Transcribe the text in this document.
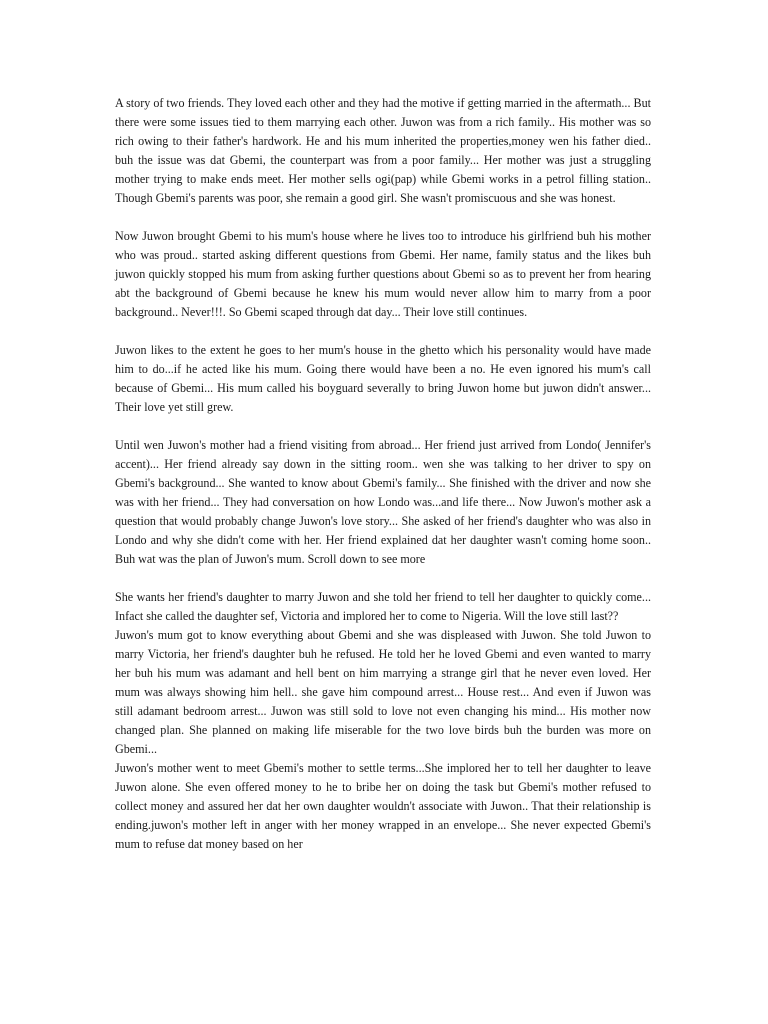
A story of two friends. They loved each other and they had the motive if getting married in the aftermath... But there were some issues tied to them marrying each other. Juwon was from a rich family.. His mother was so rich owing to their father's hardwork. He and his mum inherited the properties,money wen his father died.. buh the issue was dat Gbemi, the counterpart was from a poor family... Her mother was just a struggling mother trying to make ends meet. Her mother sells ogi(pap) while Gbemi works in a petrol filling station.. Though Gbemi's parents was poor, she remain a good girl. She wasn't promiscuous and she was honest.

Now Juwon brought Gbemi to his mum's house where he lives too to introduce his girlfriend buh his mother who was proud.. started asking different questions from Gbemi. Her name, family status and the likes buh juwon quickly stopped his mum from asking further questions about Gbemi so as to prevent her from hearing abt the background of Gbemi because he knew his mum would never allow him to marry from a poor background.. Never!!!. So Gbemi scaped through dat day... Their love still continues.

Juwon likes to the extent he goes to her mum's house in the ghetto which his personality would have made him to do...if he acted like his mum. Going there would have been a no. He even ignored his mum's call because of Gbemi... His mum called his boyguard severally to bring Juwon home but juwon didn't answer... Their love yet still grew.

Until wen Juwon's mother had a friend visiting from abroad... Her friend just arrived from Londo( Jennifer's accent)... Her friend already say down in the sitting room.. wen she was talking to her driver to spy on Gbemi's background... She wanted to know about Gbemi's family... She finished with the driver and now she was with her friend... They had conversation on how Londo was...and life there... Now Juwon's mother ask a question that would probably change Juwon's love story... She asked of her friend's daughter who was also in Londo and why she didn't come with her. Her friend explained dat her daughter wasn't coming home soon.. Buh wat was the plan of Juwon's mum. Scroll down to see more

She wants her friend's daughter to marry Juwon and she told her friend to tell her daughter to quickly come... Infact she called the daughter sef, Victoria and implored her to come to Nigeria. Will the love still last??

Juwon's mum got to know everything about Gbemi and she was displeased with Juwon. She told Juwon to marry Victoria, her friend's daughter buh he refused. He told her he loved Gbemi and even wanted to marry her buh his mum was adamant and hell bent on him marrying a strange girl that he never even loved. Her mum was always showing him hell.. she gave him compound arrest... House rest... And even if Juwon was still adamant bedroom arrest... Juwon was still sold to love not even changing his mind... His mother now changed plan. She planned on making life miserable for the two love birds buh the burden was more on Gbemi...

Juwon's mother went to meet Gbemi's mother to settle terms...She implored her to tell her daughter to leave Juwon alone. She even offered money to he to bribe her on doing the task but Gbemi's mother refused to collect money and assured her dat her own daughter wouldn't associate with Juwon.. That their relationship is ending.juwon's mother left in anger with her money wrapped in an envelope... She never expected Gbemi's mum to refuse dat money based on her
